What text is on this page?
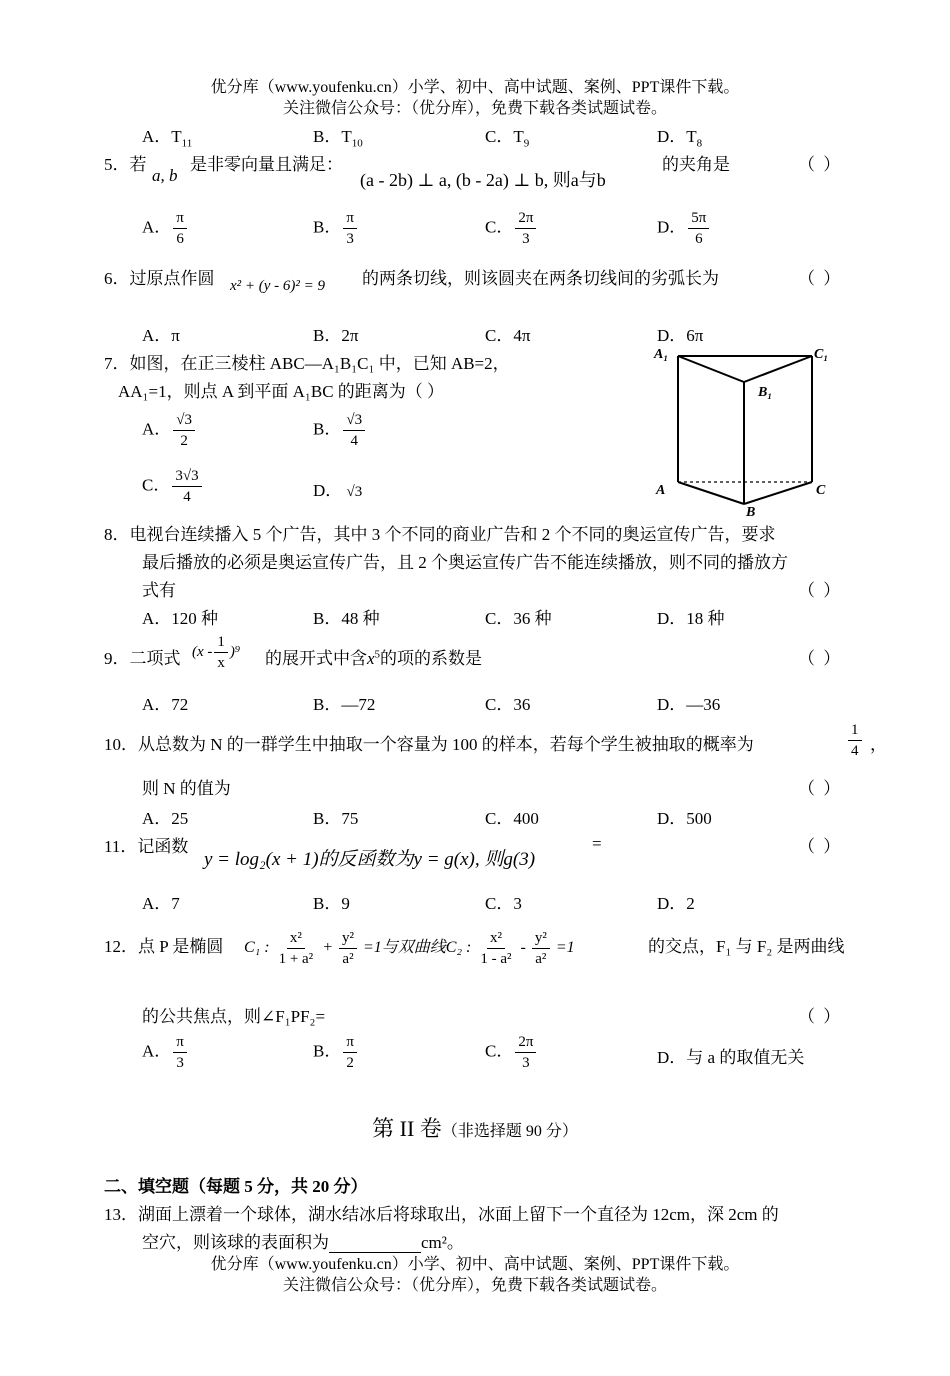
优分库（www.youfenku.cn）小学、初中、高中试题、案例、PPT课件下载。
关注微信公众号：（优分库），免费下载各类试题试卷。
A．$T_{11}$	B．$T_{10}$	C．$T_9$	D．$T_8$
5．若
a, b
是非零向量且满足：
(a - 2b) ⊥ a, (b - 2a) ⊥ b, 则a与b
的夹角是	（ ）
A． $\frac{\pi}{6}$	B． $\frac{\pi}{3}$	C． $\frac{2\pi}{3}$	D． $\frac{5\pi}{6}$
6．过原点作圆 x² + (y - 6)² = 9 的两条切线，则该圆夹在两条切线间的劣弧长为	（ ）
A．π	B．2π	C．4π	D．6π
7．如图，在正三棱柱 ABC—A₁B₁C₁ 中，已知 AB=2，
AA₁=1，则点 A 到平面 A₁BC 的距离为（ ）
A． $\frac{√3}{2}$	B． $\frac{√3}{4}$
C． $\frac{3√3}{4}$	D． √3
A₁	C₁
B₁
A	C
B
8．电视台连续播入 5 个广告，其中 3 个不同的商业广告和 2 个不同的奥运宣传广告，要求
最后播放的必须是奥运宣传广告，且 2 个奥运宣传广告不能连续播放，则不同的播放方
式有	（ ）
A．120 种	B．48 种	C．36 种	D．18 种
9．二项式 $(x - \frac{1}{x} )^9$ 的展开式中含$x^5$的项的系数是	（ ）
A．72	B．—72	C．36	D．—36
10．从总数为 N 的一群学生中抽取一个容量为 100 的样本，若每个学生被抽取的概率为	$\frac{1}{4}$ ，
则 N 的值为	（ ）
A．25	B．75	C．400	D．500
11．记函数
y = log₂(x + 1)的反函数为y = g(x), 则g(3)
=	（ ）
A．7	B．9	C．3	D．2
12．点 P 是椭圆 C₁ : $\frac{\text{x²}}{\text{1 + a²}} + \frac{\text{y²}}{\text{a²}} =1$与双曲线C₂ : $\frac{\text{x²}}{\text{1 - a²}} - \frac{\text{y²}}{\text{a²}} =1$	的交点，F₁ 与 F₂ 是两曲线
的公共焦点，则∠F₁PF₂=	（ ）
A． $\frac{\pi}{3}$	B． $\frac{\pi}{2}$	C． $\frac{2\pi}{3}$	D．与 a 的取值无关
第 II 卷（非选择题 90 分）
二、填空题（每题 5 分，共 20 分）
13．湖面上漂着一个球体，湖水结冰后将球取出，冰面上留下一个直径为 12cm，深 2cm 的
空穴，则该球的表面积为	cm²。
优分库（www.youfenku.cn）小学、初中、高中试题、案例、PPT课件下载。
关注微信公众号：（优分库），免费下载各类试题试卷。
